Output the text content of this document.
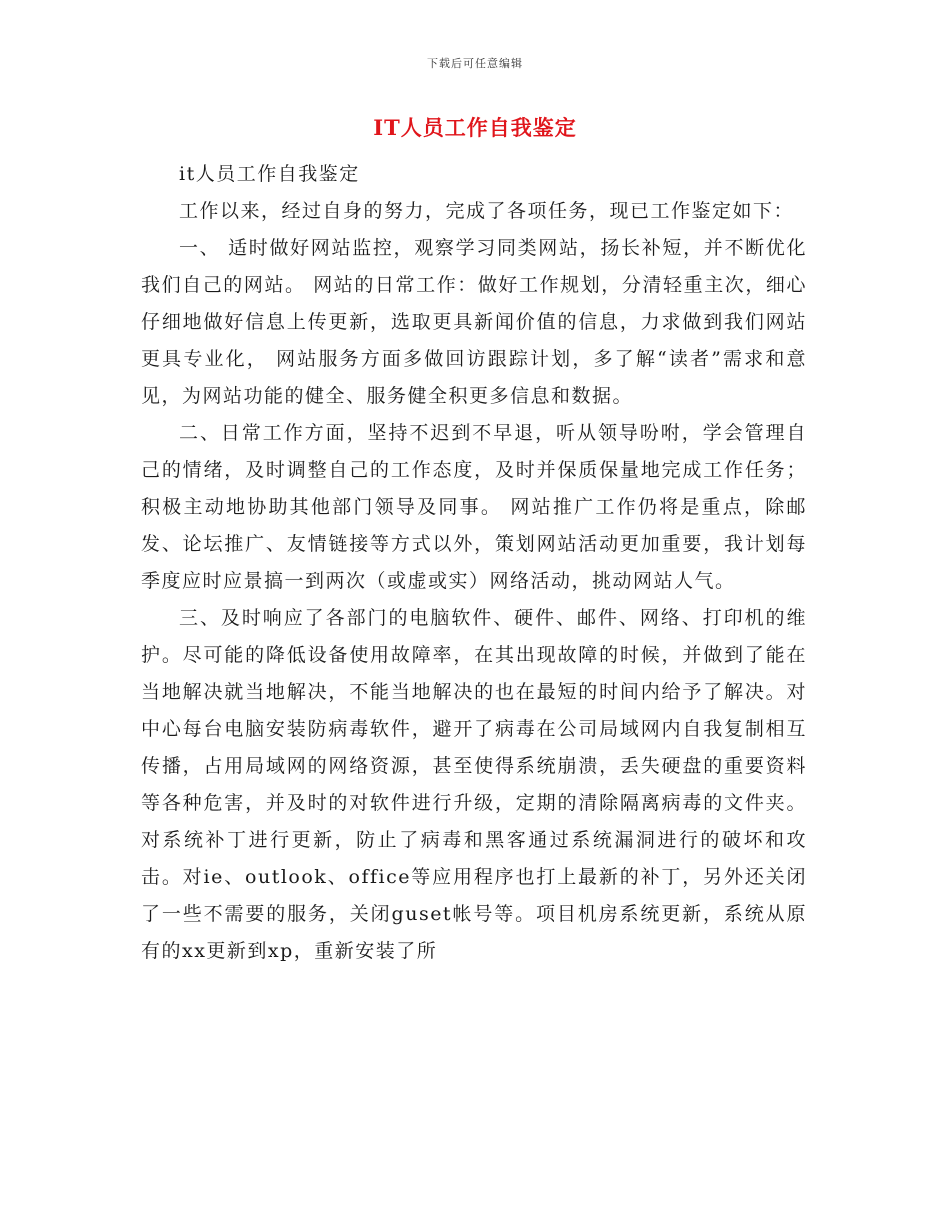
下载后可任意编辑
IT人员工作自我鉴定

it人员工作自我鉴定

工作以来，经过自身的努力，完成了各项任务，现已工作鉴定如下：

一、 适时做好网站监控，观察学习同类网站，扬长补短，并不断优化我们自己的网站。 网站的日常工作：做好工作规划，分清轻重主次，细心仔细地做好信息上传更新，选取更具新闻价值的信息，力求做到我们网站更具专业化， 网站服务方面多做回访跟踪计划，多了解“读者”需求和意见，为网站功能的健全、服务健全积更多信息和数据。

二、日常工作方面，坚持不迟到不早退，听从领导吩咐，学会管理自己的情绪，及时调整自己的工作态度，及时并保质保量地完成工作任务；积极主动地协助其他部门领导及同事。 网站推广工作仍将是重点，除邮发、论坛推广、友情链接等方式以外，策划网站活动更加重要，我计划每季度应时应景搞一到两次（或虚或实）网络活动，挑动网站人气。

三、及时响应了各部门的电脑软件、硬件、邮件、网络、打印机的维护。尽可能的降低设备使用故障率，在其出现故障的时候，并做到了能在当地解决就当地解决，不能当地解决的也在最短的时间内给予了解决。对中心每台电脑安装防病毒软件，避开了病毒在公司局域网内自我复制相互传播，占用局域网的网络资源，甚至使得系统崩溃，丢失硬盘的重要资料等各种危害，并及时的对软件进行升级，定期的清除隔离病毒的文件夹。对系统补丁进行更新，防止了病毒和黑客通过系统漏洞进行的破坏和攻击。对ie、outlook、office等应用程序也打上最新的补丁，另外还关闭了一些不需要的服务，关闭guset帐号等。项目机房系统更新，系统从原有的xx更新到xp，重新安装了所
